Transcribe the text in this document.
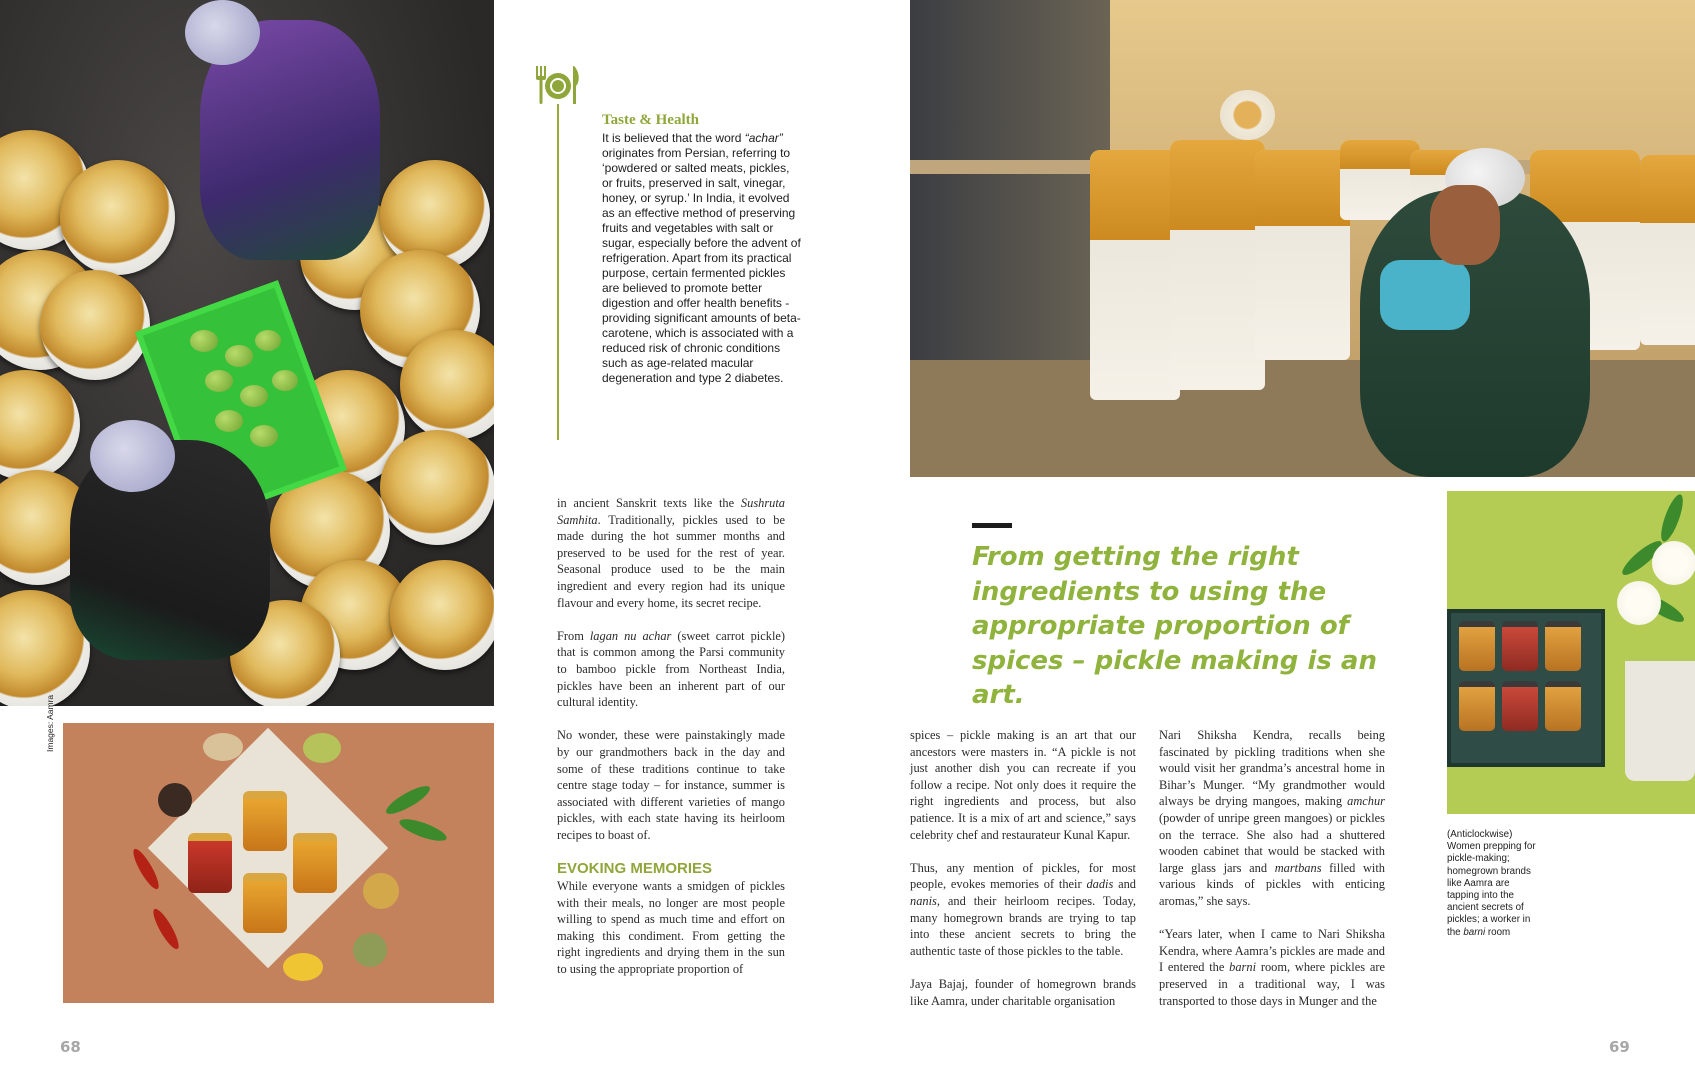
Taste & Health
It is believed that the word “achar” originates from Persian, referring to ‘powdered or salted meats, pickles, or fruits, preserved in salt, vinegar, honey, or syrup.’ In India, it evolved as an effective method of preserving fruits and vegetables with salt or sugar, especially before the advent of refrigeration. Apart from its practical purpose, certain fermented pickles are believed to promote better digestion and offer health benefits - providing significant amounts of beta-carotene, which is associated with a reduced risk of chronic conditions such as age-related macular degeneration and type 2 diabetes.

in ancient Sanskrit texts like the Sushruta Samhita. Traditionally, pickles used to be made during the hot summer months and preserved to be used for the rest of year. Seasonal produce used to be the main ingredient and every region had its unique flavour and every home, its secret recipe.

From lagan nu achar (sweet carrot pickle) that is common among the Parsi community to bamboo pickle from Northeast India, pickles have been an inherent part of our cultural identity.

No wonder, these were painstakingly made by our grandmothers back in the day and some of these traditions continue to take centre stage today – for instance, summer is associated with different varieties of mango pickles, with each state having its heirloom recipes to boast of.

EVOKING MEMORIES

While everyone wants a smidgen of pickles with their meals, no longer are most people willing to spend as much time and effort on making this condiment. From getting the right ingredients and drying them in the sun to using the appropriate proportion of

From getting the right ingredients to using the appropriate proportion of spices – pickle making is an art.

spices – pickle making is an art that our ancestors were masters in. “A pickle is not just another dish you can recreate if you follow a recipe. Not only does it require the right ingredients and process, but also patience. It is a mix of art and science,” says celebrity chef and restaurateur Kunal Kapur.

Thus, any mention of pickles, for most people, evokes memories of their dadis and nanis, and their heirloom recipes. Today, many homegrown brands are trying to tap into these ancient secrets to bring the authentic taste of those pickles to the table.

Jaya Bajaj, founder of homegrown brands like Aamra, under charitable organisation

Nari Shiksha Kendra, recalls being fascinated by pickling traditions when she would visit her grandma’s ancestral home in Bihar’s Munger. “My grandmother would always be drying mangoes, making amchur (powder of unripe green mangoes) or pickles on the terrace. She also had a shuttered wooden cabinet that would be stacked with large glass jars and martbans filled with various kinds of pickles with enticing aromas,” she says.

“Years later, when I came to Nari Shiksha Kendra, where Aamra’s pickles are made and I entered the barni room, where pickles are preserved in a traditional way, I was transported to those days in Munger and the

(Anticlockwise) Women prepping for pickle-making; homegrown brands like Aamra are tapping into the ancient secrets of pickles; a worker in the barni room
Images: Aamra
68	69
